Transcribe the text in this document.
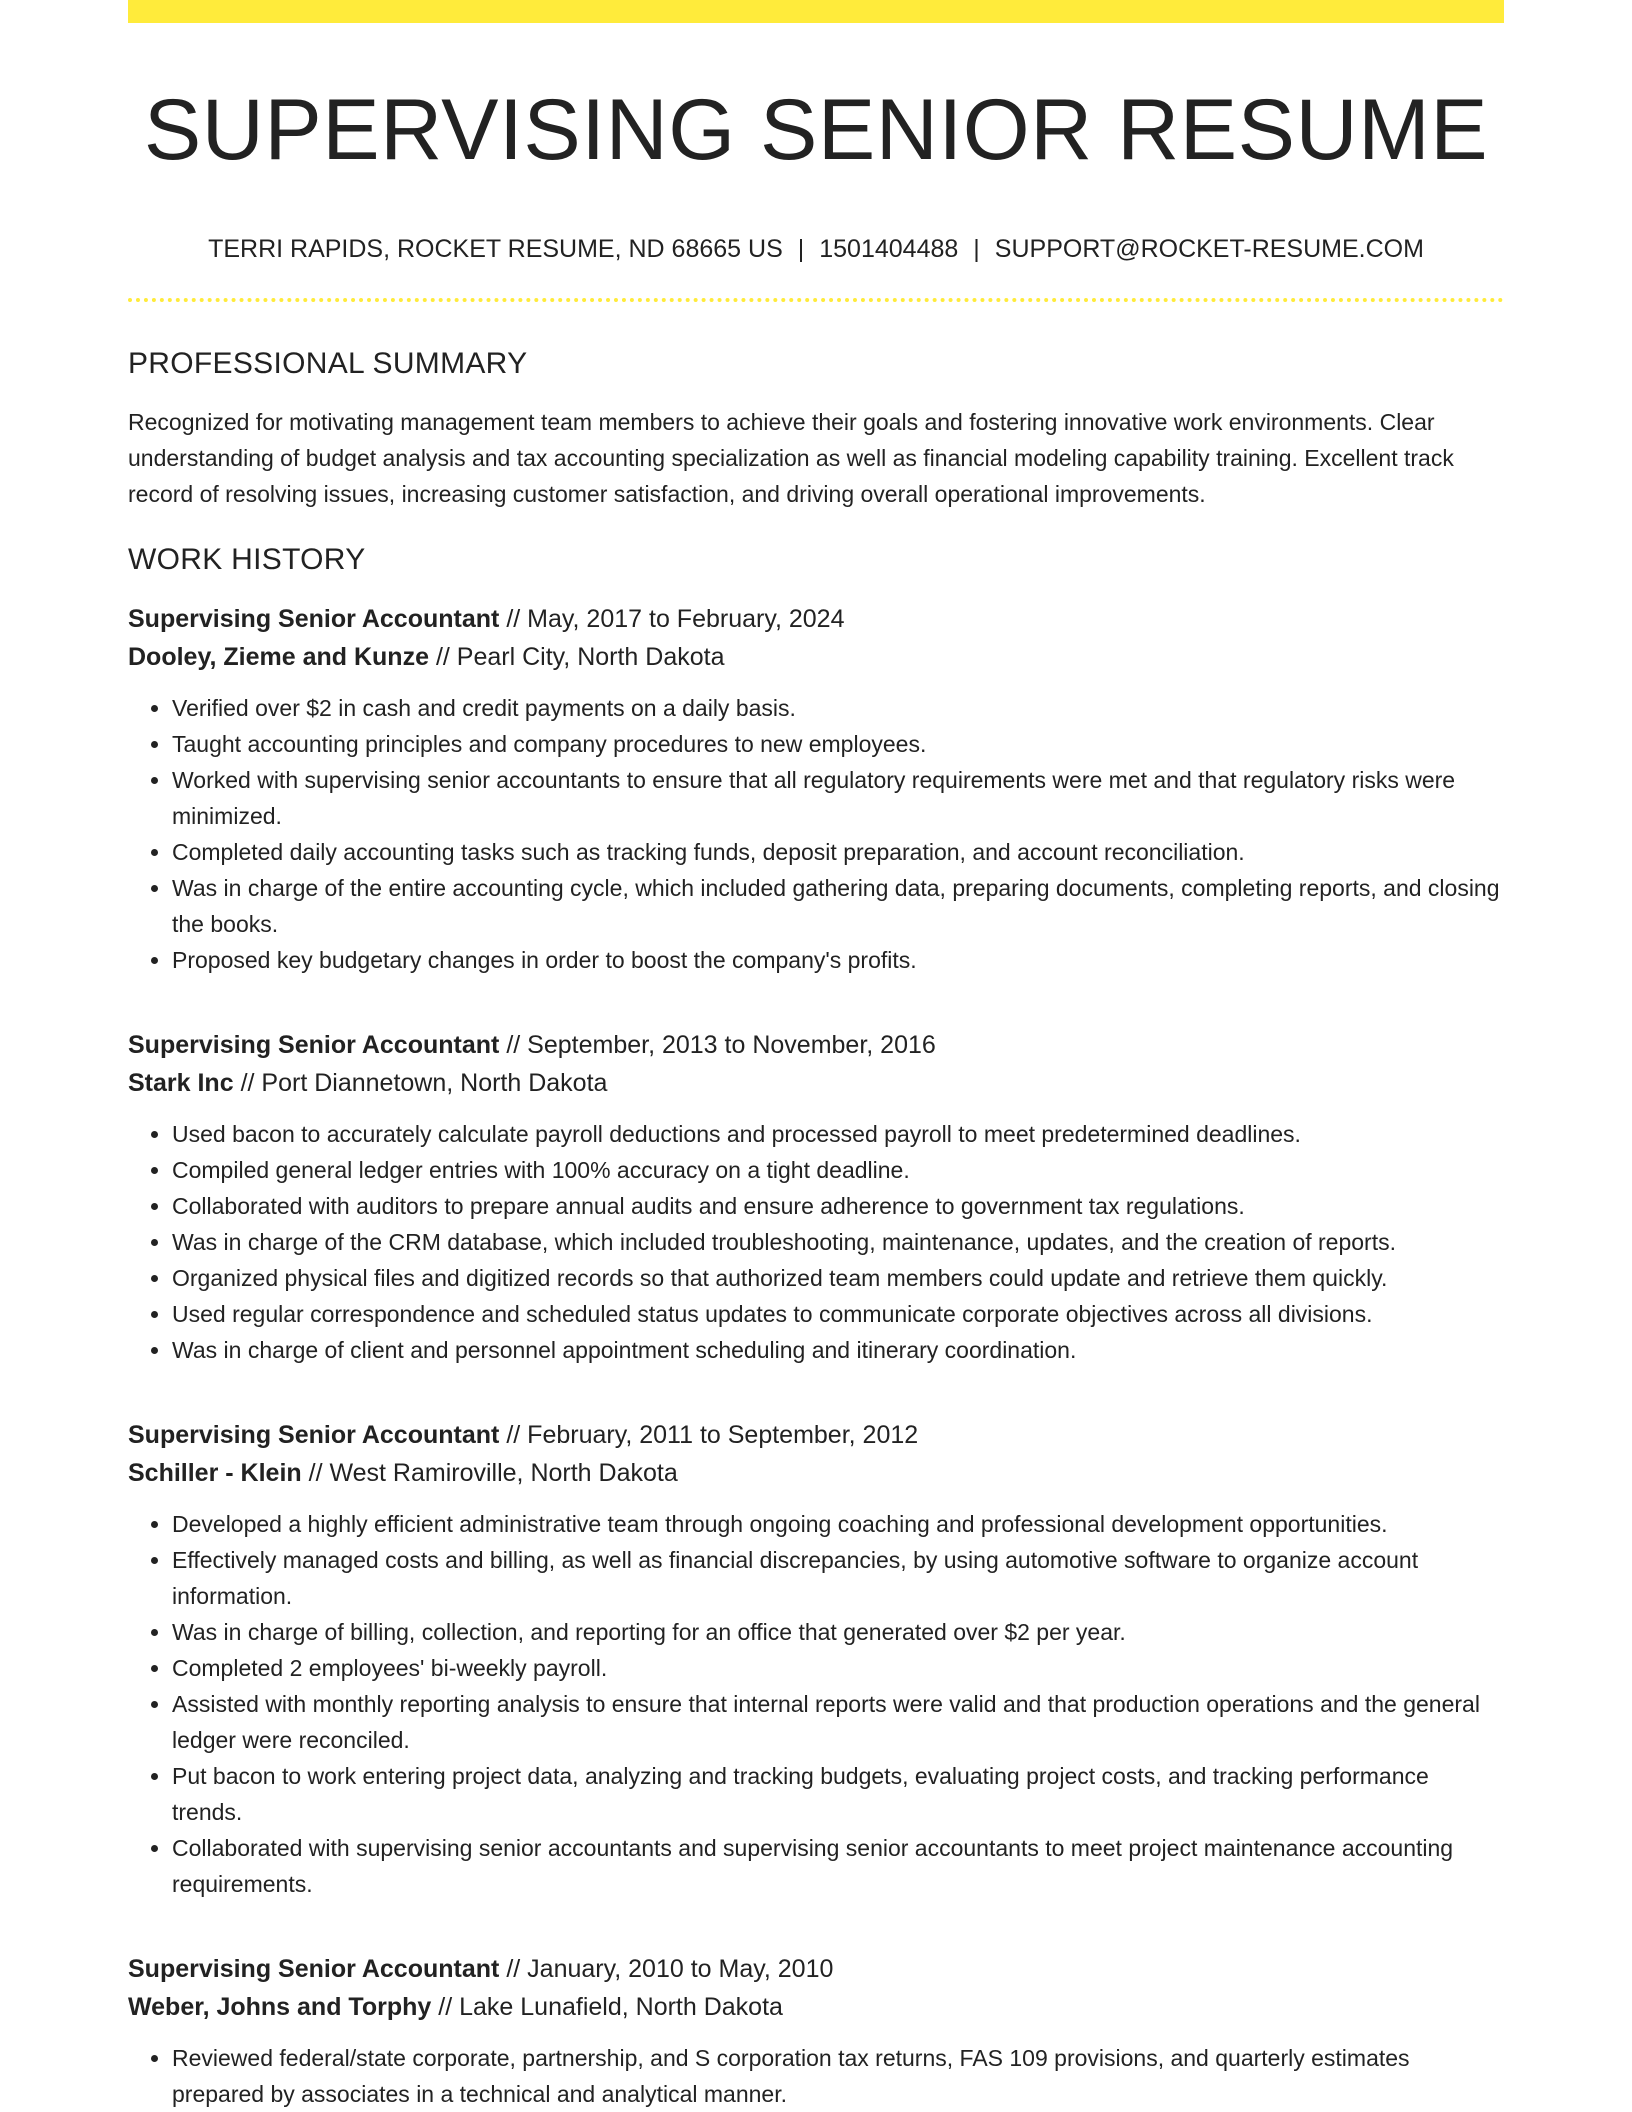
SUPERVISING SENIOR RESUME
TERRI RAPIDS, ROCKET RESUME, ND 68665 US | 1501404488 | SUPPORT@ROCKET-RESUME.COM
PROFESSIONAL SUMMARY

Recognized for motivating management team members to achieve their goals and fostering innovative work environments. Clear understanding of budget analysis and tax accounting specialization as well as financial modeling capability training. Excellent track record of resolving issues, increasing customer satisfaction, and driving overall operational improvements.

WORK HISTORY
Supervising Senior Accountant // May, 2017 to February, 2024
Dooley, Zieme and Kunze // Pearl City, North Dakota
• Verified over $2 in cash and credit payments on a daily basis.
• Taught accounting principles and company procedures to new employees.
• Worked with supervising senior accountants to ensure that all regulatory requirements were met and that regulatory risks were minimized.
• Completed daily accounting tasks such as tracking funds, deposit preparation, and account reconciliation.
• Was in charge of the entire accounting cycle, which included gathering data, preparing documents, completing reports, and closing the books.
• Proposed key budgetary changes in order to boost the company's profits.
Supervising Senior Accountant // September, 2013 to November, 2016
Stark Inc // Port Diannetown, North Dakota
• Used bacon to accurately calculate payroll deductions and processed payroll to meet predetermined deadlines.
• Compiled general ledger entries with 100% accuracy on a tight deadline.
• Collaborated with auditors to prepare annual audits and ensure adherence to government tax regulations.
• Was in charge of the CRM database, which included troubleshooting, maintenance, updates, and the creation of reports.
• Organized physical files and digitized records so that authorized team members could update and retrieve them quickly.
• Used regular correspondence and scheduled status updates to communicate corporate objectives across all divisions.
• Was in charge of client and personnel appointment scheduling and itinerary coordination.
Supervising Senior Accountant // February, 2011 to September, 2012
Schiller - Klein // West Ramiroville, North Dakota
• Developed a highly efficient administrative team through ongoing coaching and professional development opportunities.
• Effectively managed costs and billing, as well as financial discrepancies, by using automotive software to organize account information.
• Was in charge of billing, collection, and reporting for an office that generated over $2 per year.
• Completed 2 employees' bi-weekly payroll.
• Assisted with monthly reporting analysis to ensure that internal reports were valid and that production operations and the general ledger were reconciled.
• Put bacon to work entering project data, analyzing and tracking budgets, evaluating project costs, and tracking performance trends.
• Collaborated with supervising senior accountants and supervising senior accountants to meet project maintenance accounting requirements.
Supervising Senior Accountant // January, 2010 to May, 2010
Weber, Johns and Torphy // Lake Lunafield, North Dakota
• Reviewed federal/state corporate, partnership, and S corporation tax returns, FAS 109 provisions, and quarterly estimates prepared by associates in a technical and analytical manner.
